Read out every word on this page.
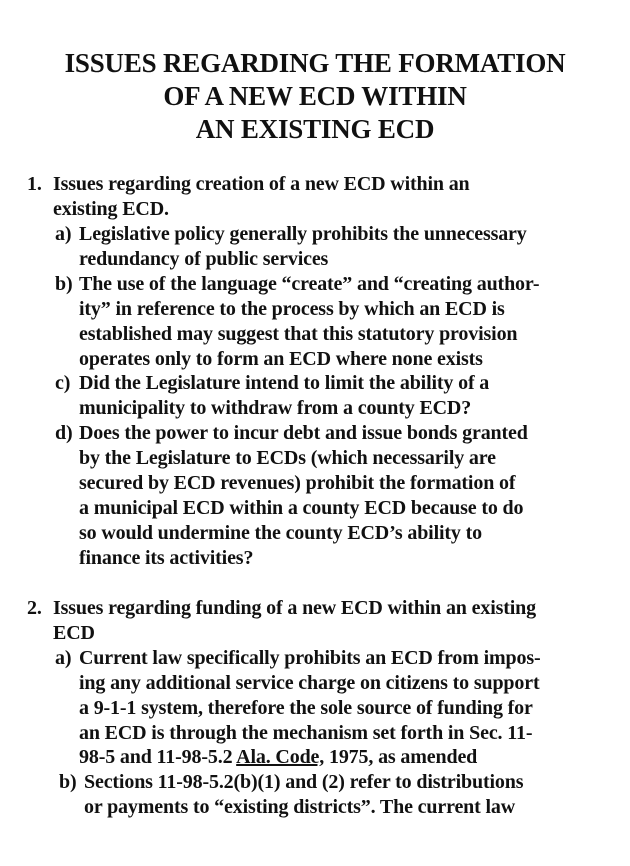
ISSUES REGARDING THE FORMATION
OF A NEW ECD WITHIN
AN EXISTING ECD
1. Issues regarding creation of a new ECD within an
existing ECD.
a) Legislative policy generally prohibits the unnecessary
redundancy of public services
b) The use of the language “create” and “creating author-
ity” in reference to the process by which an ECD is
established may suggest that this statutory provision
operates only to form an ECD where none exists
c) Did the Legislature intend to limit the ability of a
municipality to withdraw from a county ECD?
d) Does the power to incur debt and issue bonds granted
by the Legislature to ECDs (which necessarily are
secured by ECD revenues) prohibit the formation of
a municipal ECD within a county ECD because to do
so would undermine the county ECD’s ability to
finance its activities?
2. Issues regarding funding of a new ECD within an existing
ECD
a) Current law specifically prohibits an ECD from impos-
ing any additional service charge on citizens to support
a 9-1-1 system, therefore the sole source of funding for
an ECD is through the mechanism set forth in Sec. 11-
98-5 and 11-98-5.2 Ala. Code, 1975, as amended
b) Sections 11-98-5.2(b)(1) and (2) refer to distributions
or payments to “existing districts”. The current law
